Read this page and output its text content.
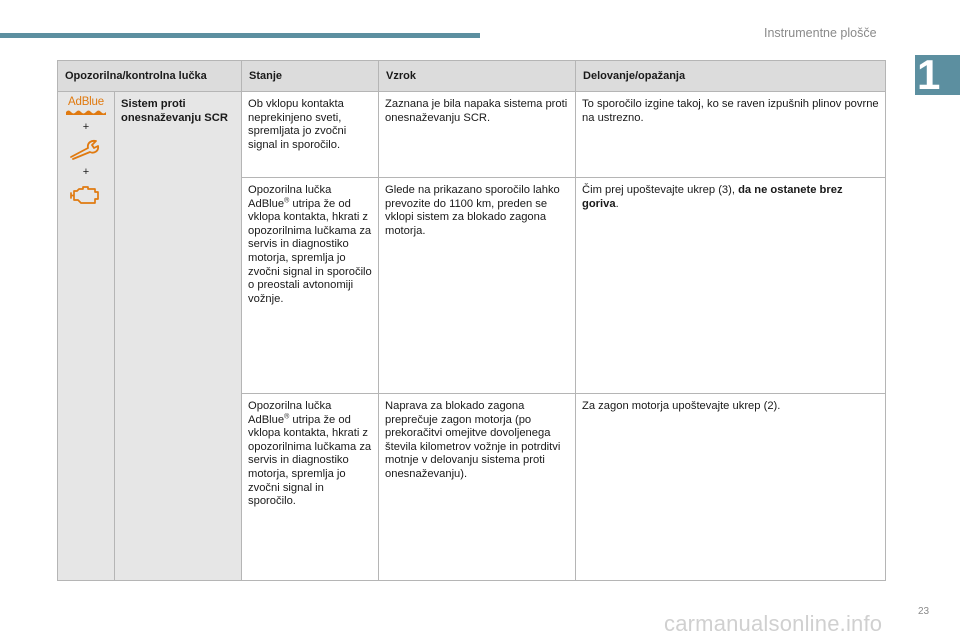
Instrumentne plošče
1
Opozorilna/kontrolna lučka		Stanje	Vzrok	Delovanje/opažanja

AdBlue
+
+	Sistem proti onesnaževanju SCR	Ob vklopu kontakta neprekinjeno sveti, spremljata jo zvočni signal in sporočilo.	Zaznana je bila napaka sistema proti onesnaževanju SCR.	To sporočilo izgine takoj, ko se raven izpušnih plinov povrne na ustrezno.
		Opozorilna lučka AdBlue® utripa že od vklopa kontakta, hkrati z opozorilnima lučkama za servis in diagnostiko motorja, spremlja jo zvočni signal in sporočilo o preostali avtonomiji vožnje.	Glede na prikazano sporočilo lahko prevozite do 1100 km, preden se vklopi sistem za blokado zagona motorja.	Čim prej upoštevajte ukrep (3), da ne ostanete brez goriva.
		Opozorilna lučka AdBlue® utripa že od vklopa kontakta, hkrati z opozorilnima lučkama za servis in diagnostiko motorja, spremlja jo zvočni signal in sporočilo.	Naprava za blokado zagona preprečuje zagon motorja (po prekoračitvi omejitve dovoljenega števila kilometrov vožnje in potrditvi motnje v delovanju sistema proti onesnaževanju).	Za zagon motorja upoštevajte ukrep (2).
23
carmanualsonline.info
